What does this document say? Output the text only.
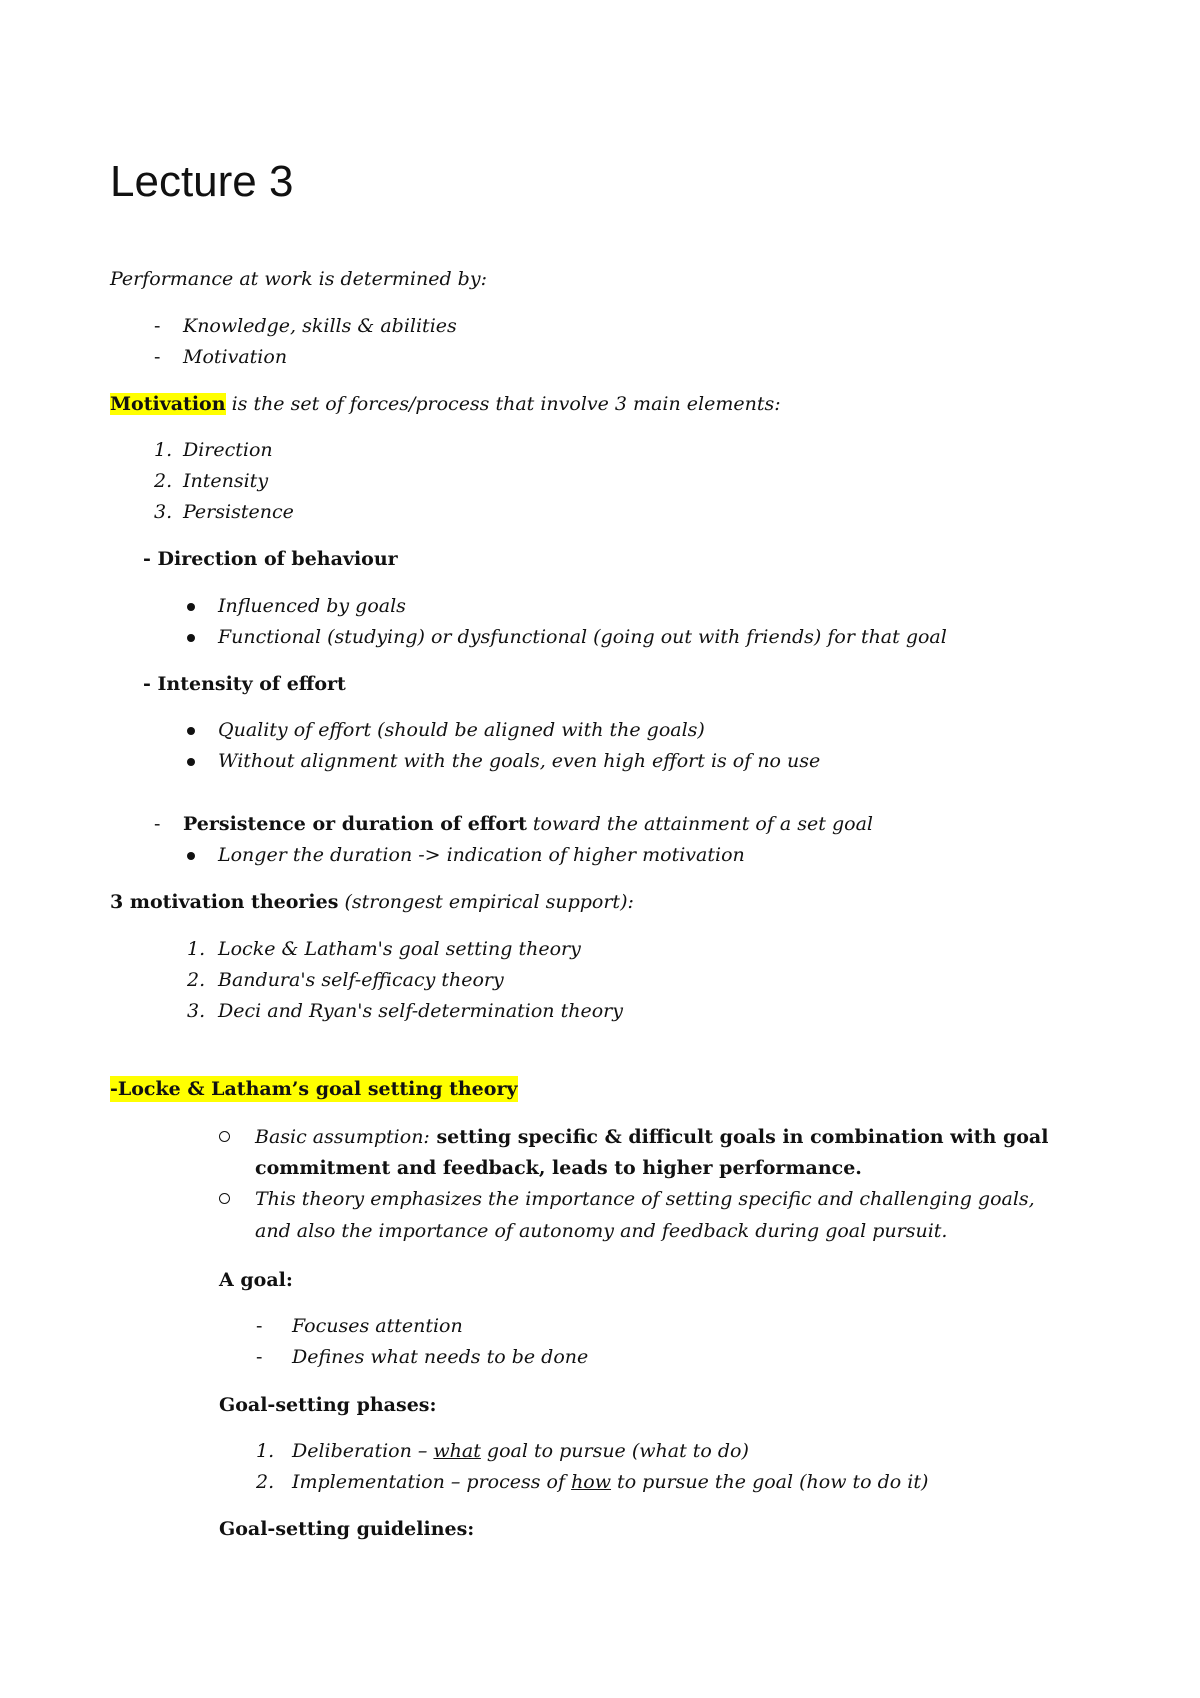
Lecture 3
Performance at work is determined by:
- Knowledge, skills & abilities
- Motivation
Motivation is the set of forces/process that involve 3 main elements:
1. Direction
2. Intensity
3. Persistence
- Direction of behaviour
Influenced by goals
Functional (studying) or dysfunctional (going out with friends) for that goal
- Intensity of effort
Quality of effort (should be aligned with the goals)
Without alignment with the goals, even high effort is of no use
- Persistence or duration of effort toward the attainment of a set goal
Longer the duration -> indication of higher motivation
3 motivation theories (strongest empirical support):
1. Locke & Latham's goal setting theory
2. Bandura's self-efficacy theory
3. Deci and Ryan's self-determination theory
-Locke & Latham’s goal setting theory
Basic assumption: setting specific & difficult goals in combination with goal
commitment and feedback, leads to higher performance.
This theory emphasizes the importance of setting specific and challenging goals,
and also the importance of autonomy and feedback during goal pursuit.
A goal:
- Focuses attention
- Defines what needs to be done
Goal-setting phases:
1. Deliberation – what goal to pursue (what to do)
2. Implementation – process of how to pursue the goal (how to do it)
Goal-setting guidelines:
